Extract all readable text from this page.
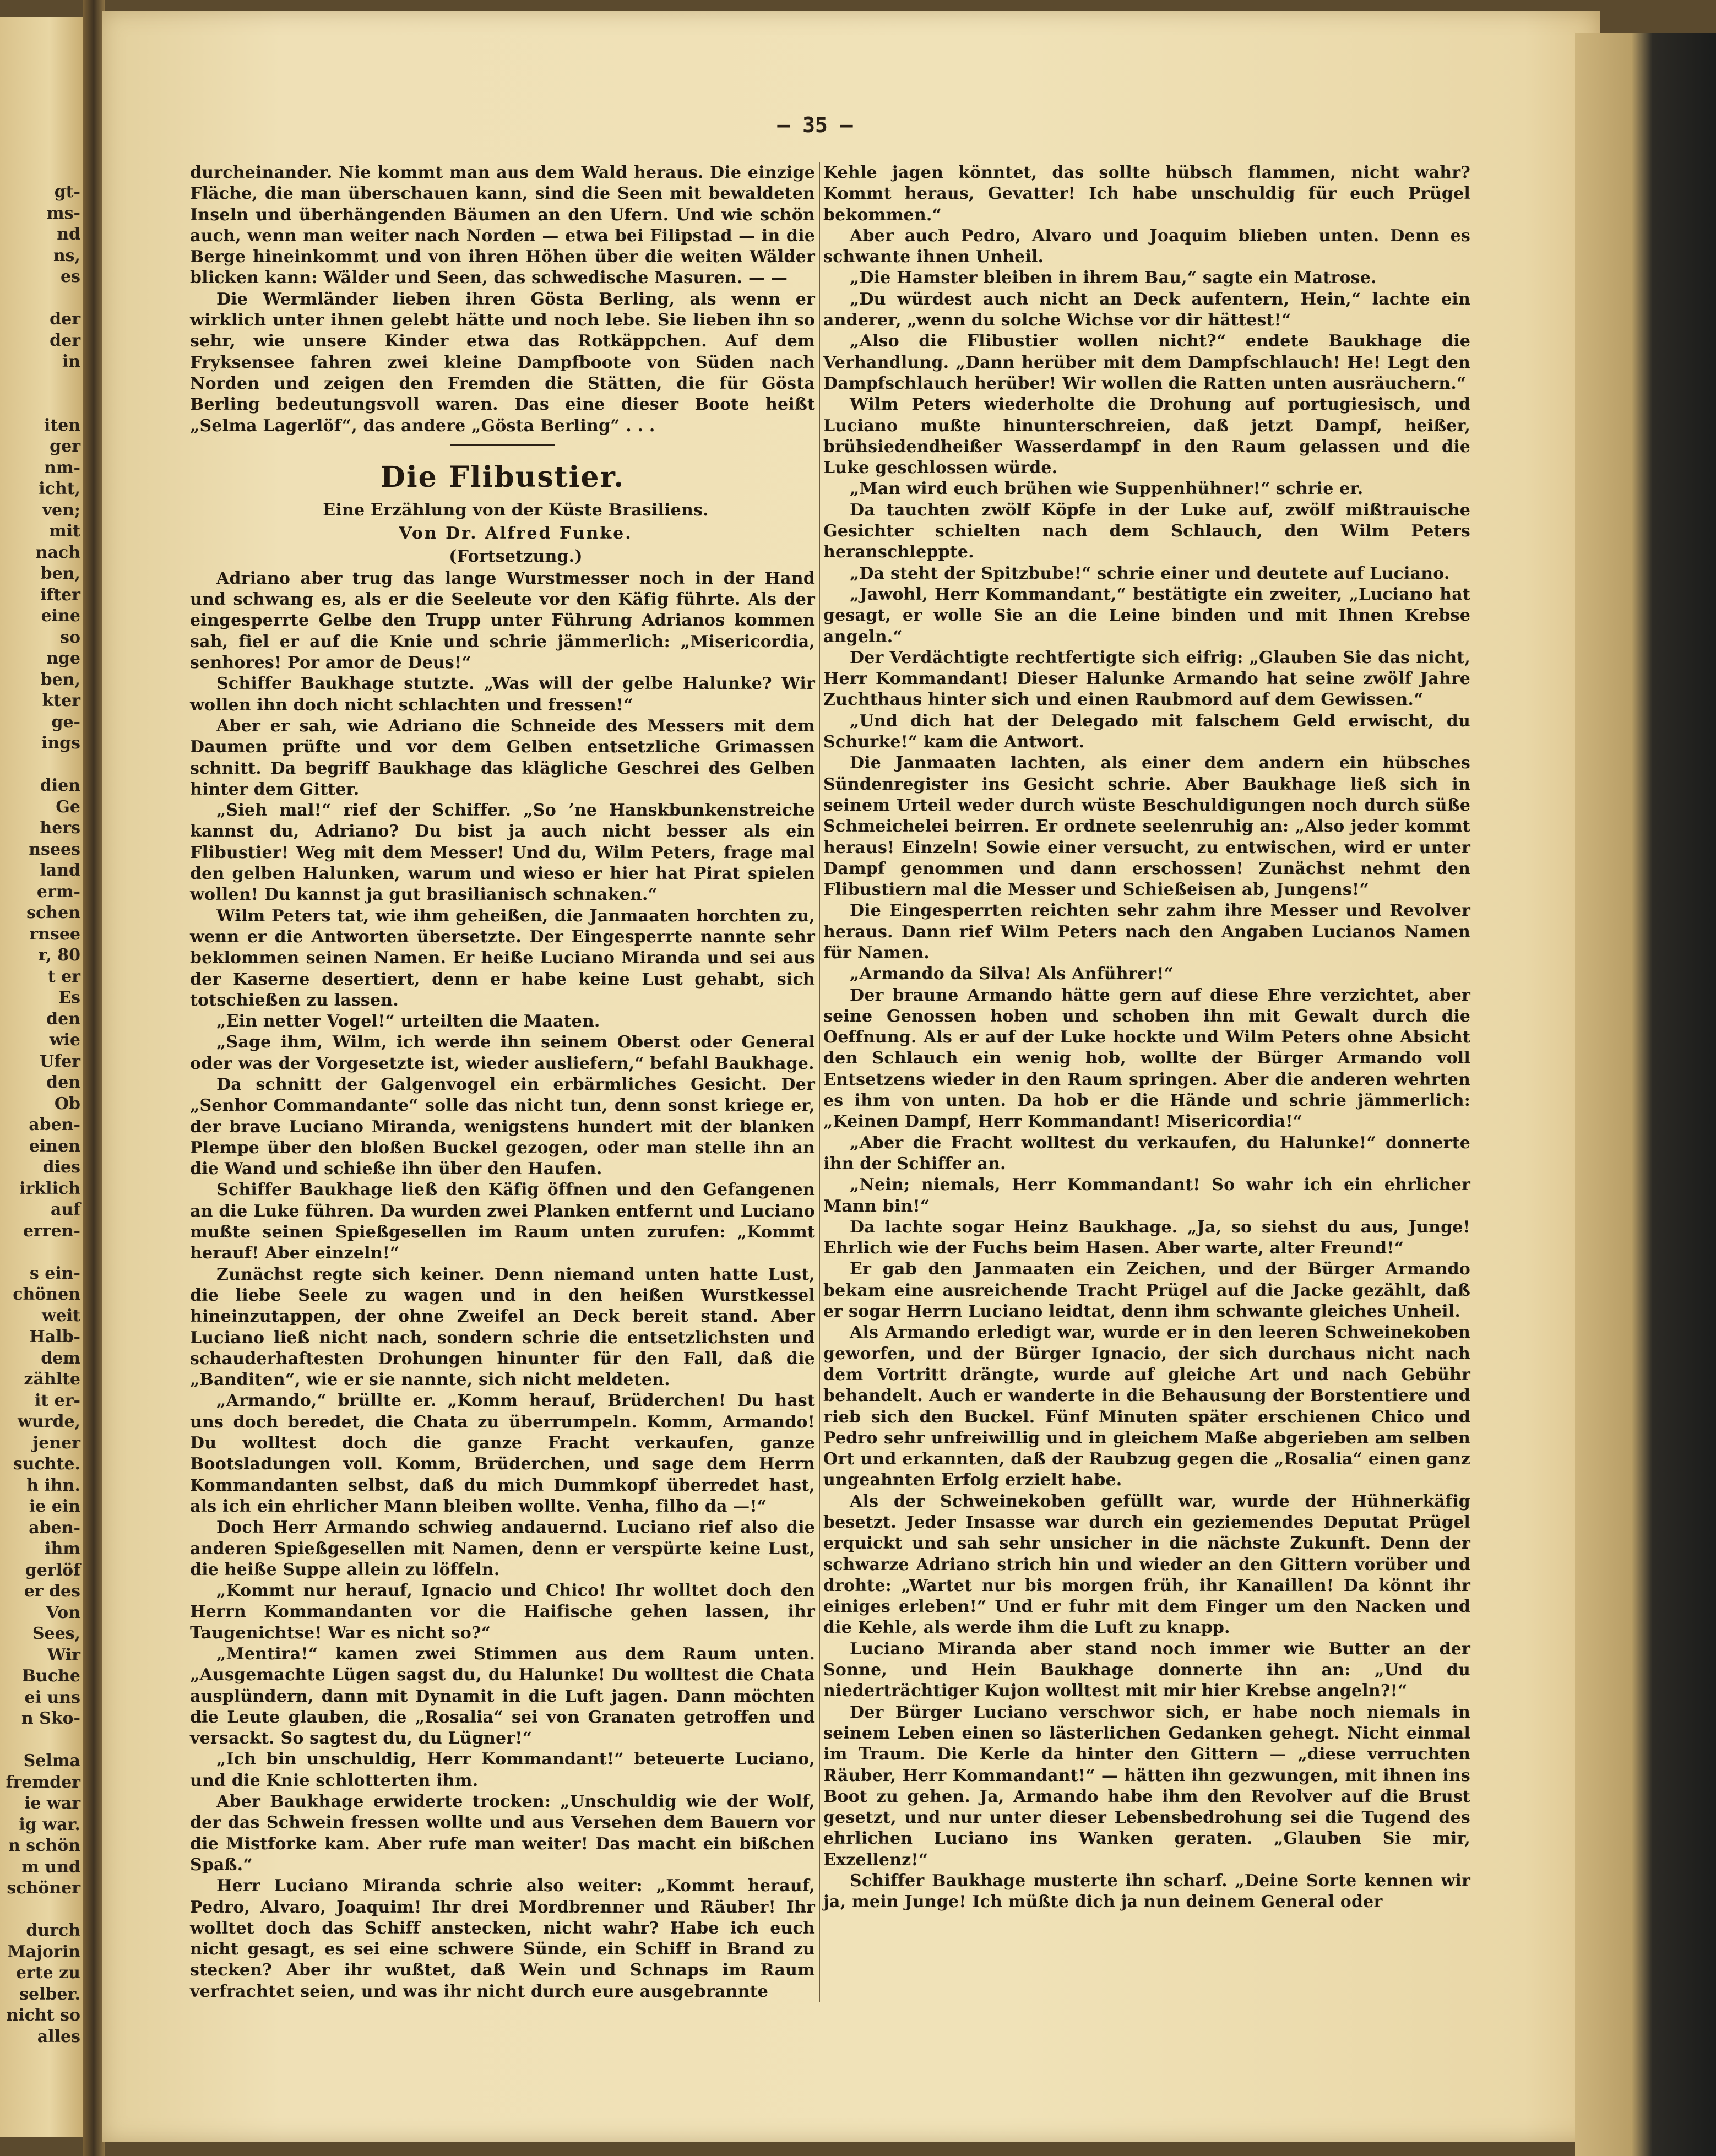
gt-
ms-
nd
ns,
es
der
der
in
iten
ger
nm-
icht,
ven;
mit
nach
ben,
ifter
eine
so
nge
ben,
kter
ge-
ings
dien
Ge
hers
nsees
land
erm-
schen
rnsee
r, 80
t er
Es
den
wie
Ufer
den
Ob
aben-
einen
dies
irklich
auf
erren-
s ein-
chönen
weit
Halb-
dem
zählte
it er-
wurde,
jener
suchte.
h ihn.
ie ein
aben-
ihm
gerlöf
er des
Von
Sees,
Wir
Buche
ei uns
n Sko-
Selma
fremder
ie war
ig war.
n schön
m und
schöner
durch
Majorin
erte zu
selber.
nicht so
alles
— 35 —

durcheinander. Nie kommt man aus dem Wald heraus. Die einzige Fläche, die man überschauen kann, sind die Seen mit bewaldeten Inseln und überhängenden Bäumen an den Ufern. Und wie schön auch, wenn man weiter nach Norden — etwa bei Filipstad — in die Berge hineinkommt und von ihren Höhen über die weiten Wälder blicken kann: Wälder und Seen, das schwedische Masuren. — —

Die Wermländer lieben ihren Gösta Berling, als wenn er wirklich unter ihnen gelebt hätte und noch lebe. Sie lieben ihn so sehr, wie unsere Kinder etwa das Rotkäppchen. Auf dem Fryksensee fahren zwei kleine Dampfboote von Süden nach Norden und zeigen den Fremden die Stätten, die für Gösta Berling bedeutungsvoll waren. Das eine dieser Boote heißt „Selma Lagerlöf“, das andere „Gösta Berling“ . . .

Die Flibustier.

Eine Erzählung von der Küste Brasiliens.

Von Dr. Alfred Funke.

(Fortsetzung.)

Adriano aber trug das lange Wurstmesser noch in der Hand und schwang es, als er die Seeleute vor den Käfig führte. Als der eingesperrte Gelbe den Trupp unter Führung Adrianos kommen sah, fiel er auf die Knie und schrie jämmerlich: „Misericordia, senhores! Por amor de Deus!“

Schiffer Baukhage stutzte. „Was will der gelbe Halunke? Wir wollen ihn doch nicht schlachten und fressen!“

Aber er sah, wie Adriano die Schneide des Messers mit dem Daumen prüfte und vor dem Gelben entsetzliche Grimassen schnitt. Da begriff Baukhage das klägliche Geschrei des Gelben hinter dem Gitter.

„Sieh mal!“ rief der Schiffer. „So ’ne Hanskbunkenstreiche kannst du, Adriano? Du bist ja auch nicht besser als ein Flibustier! Weg mit dem Messer! Und du, Wilm Peters, frage mal den gelben Halunken, warum und wieso er hier hat Pirat spielen wollen! Du kannst ja gut brasilianisch schnaken.“

Wilm Peters tat, wie ihm geheißen, die Janmaaten horchten zu, wenn er die Antworten übersetzte. Der Eingesperrte nannte sehr beklommen seinen Namen. Er heiße Luciano Miranda und sei aus der Kaserne desertiert, denn er habe keine Lust gehabt, sich totschießen zu lassen.

„Ein netter Vogel!“ urteilten die Maaten.

„Sage ihm, Wilm, ich werde ihn seinem Oberst oder General oder was der Vorgesetzte ist, wieder ausliefern,“ befahl Baukhage.

Da schnitt der Galgenvogel ein erbärmliches Gesicht. Der „Senhor Commandante“ solle das nicht tun, denn sonst kriege er, der brave Luciano Miranda, wenigstens hundert mit der blanken Plempe über den bloßen Buckel gezogen, oder man stelle ihn an die Wand und schieße ihn über den Haufen.

Schiffer Baukhage ließ den Käfig öffnen und den Gefangenen an die Luke führen. Da wurden zwei Planken entfernt und Luciano mußte seinen Spießgesellen im Raum unten zurufen: „Kommt herauf! Aber einzeln!“

Zunächst regte sich keiner. Denn niemand unten hatte Lust, die liebe Seele zu wagen und in den heißen Wurstkessel hineinzutappen, der ohne Zweifel an Deck bereit stand. Aber Luciano ließ nicht nach, sondern schrie die entsetzlichsten und schauderhaftesten Drohungen hinunter für den Fall, daß die „Banditen“, wie er sie nannte, sich nicht meldeten.

„Armando,“ brüllte er. „Komm herauf, Brüderchen! Du hast uns doch beredet, die Chata zu überrumpeln. Komm, Armando! Du wolltest doch die ganze Fracht verkaufen, ganze Bootsladungen voll. Komm, Brüderchen, und sage dem Herrn Kommandanten selbst, daß du mich Dummkopf überredet hast, als ich ein ehrlicher Mann bleiben wollte. Venha, filho da —!“

Doch Herr Armando schwieg andauernd. Luciano rief also die anderen Spießgesellen mit Namen, denn er verspürte keine Lust, die heiße Suppe allein zu löffeln.

„Kommt nur herauf, Ignacio und Chico! Ihr wolltet doch den Herrn Kommandanten vor die Haifische gehen lassen, ihr Taugenichtse! War es nicht so?“

„Mentira!“ kamen zwei Stimmen aus dem Raum unten. „Ausgemachte Lügen sagst du, du Halunke! Du wolltest die Chata ausplündern, dann mit Dynamit in die Luft jagen. Dann möchten die Leute glauben, die „Rosalia“ sei von Granaten getroffen und versackt. So sagtest du, du Lügner!“

„Ich bin unschuldig, Herr Kommandant!“ beteuerte Luciano, und die Knie schlotterten ihm.

Aber Baukhage erwiderte trocken: „Unschuldig wie der Wolf, der das Schwein fressen wollte und aus Versehen dem Bauern vor die Mistforke kam. Aber rufe man weiter! Das macht ein bißchen Spaß.“

Herr Luciano Miranda schrie also weiter: „Kommt herauf, Pedro, Alvaro, Joaquim! Ihr drei Mordbrenner und Räuber! Ihr wolltet doch das Schiff anstecken, nicht wahr? Habe ich euch nicht gesagt, es sei eine schwere Sünde, ein Schiff in Brand zu stecken? Aber ihr wußtet, daß Wein und Schnaps im Raum verfrachtet seien, und was ihr nicht durch eure ausgebrannte

Kehle jagen könntet, das sollte hübsch flammen, nicht wahr? Kommt heraus, Gevatter! Ich habe unschuldig für euch Prügel bekommen.“

Aber auch Pedro, Alvaro und Joaquim blieben unten. Denn es schwante ihnen Unheil.

„Die Hamster bleiben in ihrem Bau,“ sagte ein Matrose.

„Du würdest auch nicht an Deck aufentern, Hein,“ lachte ein anderer, „wenn du solche Wichse vor dir hättest!“

„Also die Flibustier wollen nicht?“ endete Baukhage die Verhandlung. „Dann herüber mit dem Dampfschlauch! He! Legt den Dampfschlauch herüber! Wir wollen die Ratten unten ausräuchern.“

Wilm Peters wiederholte die Drohung auf portugiesisch, und Luciano mußte hinunterschreien, daß jetzt Dampf, heißer, brühsiedendheißer Wasserdampf in den Raum gelassen und die Luke geschlossen würde.

„Man wird euch brühen wie Suppenhühner!“ schrie er.

Da tauchten zwölf Köpfe in der Luke auf, zwölf mißtrauische Gesichter schielten nach dem Schlauch, den Wilm Peters heranschleppte.

„Da steht der Spitzbube!“ schrie einer und deutete auf Luciano.

„Jawohl, Herr Kommandant,“ bestätigte ein zweiter, „Luciano hat gesagt, er wolle Sie an die Leine binden und mit Ihnen Krebse angeln.“

Der Verdächtigte rechtfertigte sich eifrig: „Glauben Sie das nicht, Herr Kommandant! Dieser Halunke Armando hat seine zwölf Jahre Zuchthaus hinter sich und einen Raubmord auf dem Gewissen.“

„Und dich hat der Delegado mit falschem Geld erwischt, du Schurke!“ kam die Antwort.

Die Janmaaten lachten, als einer dem andern ein hübsches Sündenregister ins Gesicht schrie. Aber Baukhage ließ sich in seinem Urteil weder durch wüste Beschuldigungen noch durch süße Schmeichelei beirren. Er ordnete seelenruhig an: „Also jeder kommt heraus! Einzeln! Sowie einer versucht, zu entwischen, wird er unter Dampf genommen und dann erschossen! Zunächst nehmt den Flibustiern mal die Messer und Schießeisen ab, Jungens!“

Die Eingesperrten reichten sehr zahm ihre Messer und Revolver heraus. Dann rief Wilm Peters nach den Angaben Lucianos Namen für Namen.

„Armando da Silva! Als Anführer!“

Der braune Armando hätte gern auf diese Ehre verzichtet, aber seine Genossen hoben und schoben ihn mit Gewalt durch die Oeffnung. Als er auf der Luke hockte und Wilm Peters ohne Absicht den Schlauch ein wenig hob, wollte der Bürger Armando voll Entsetzens wieder in den Raum springen. Aber die anderen wehrten es ihm von unten. Da hob er die Hände und schrie jämmerlich: „Keinen Dampf, Herr Kommandant! Misericordia!“

„Aber die Fracht wolltest du verkaufen, du Halunke!“ donnerte ihn der Schiffer an.

„Nein; niemals, Herr Kommandant! So wahr ich ein ehrlicher Mann bin!“

Da lachte sogar Heinz Baukhage. „Ja, so siehst du aus, Junge! Ehrlich wie der Fuchs beim Hasen. Aber warte, alter Freund!“

Er gab den Janmaaten ein Zeichen, und der Bürger Armando bekam eine ausreichende Tracht Prügel auf die Jacke gezählt, daß er sogar Herrn Luciano leidtat, denn ihm schwante gleiches Unheil.

Als Armando erledigt war, wurde er in den leeren Schweinekoben geworfen, und der Bürger Ignacio, der sich durchaus nicht nach dem Vortritt drängte, wurde auf gleiche Art und nach Gebühr behandelt. Auch er wanderte in die Behausung der Borstentiere und rieb sich den Buckel. Fünf Minuten später erschienen Chico und Pedro sehr unfreiwillig und in gleichem Maße abgerieben am selben Ort und erkannten, daß der Raubzug gegen die „Rosalia“ einen ganz ungeahnten Erfolg erzielt habe.

Als der Schweinekoben gefüllt war, wurde der Hühnerkäfig besetzt. Jeder Insasse war durch ein geziemendes Deputat Prügel erquickt und sah sehr unsicher in die nächste Zukunft. Denn der schwarze Adriano strich hin und wieder an den Gittern vorüber und drohte: „Wartet nur bis morgen früh, ihr Kanaillen! Da könnt ihr einiges erleben!“ Und er fuhr mit dem Finger um den Nacken und die Kehle, als werde ihm die Luft zu knapp.

Luciano Miranda aber stand noch immer wie Butter an der Sonne, und Hein Baukhage donnerte ihn an: „Und du niederträchtiger Kujon wolltest mit mir hier Krebse angeln?!“

Der Bürger Luciano verschwor sich, er habe noch niemals in seinem Leben einen so lästerlichen Gedanken gehegt. Nicht einmal im Traum. Die Kerle da hinter den Gittern — „diese verruchten Räuber, Herr Kommandant!“ — hätten ihn gezwungen, mit ihnen ins Boot zu gehen. Ja, Armando habe ihm den Revolver auf die Brust gesetzt, und nur unter dieser Lebensbedrohung sei die Tugend des ehrlichen Luciano ins Wanken geraten. „Glauben Sie mir, Exzellenz!“

Schiffer Baukhage musterte ihn scharf. „Deine Sorte kennen wir ja, mein Junge! Ich müßte dich ja nun deinem General oder
